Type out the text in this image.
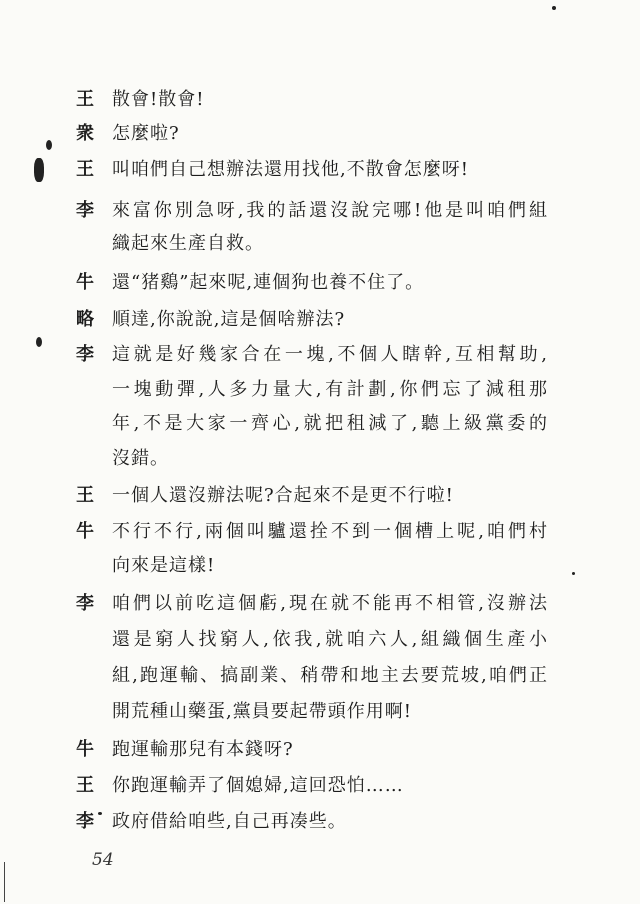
王 散會!散會!
衆 怎麼啦?
王 叫咱們自己想辦法還用找他,不散會怎麼呀!
李 來富你別急呀,我的話還沒說完哪!他是叫咱們組
織起來生產自救。
牛 還“猪鷄”起來呢,連個狗也養不住了。
略 順達,你說說,這是個啥辦法?
李 這就是好幾家合在一塊,不個人瞎幹,互相幫助,
一塊動彈,人多力量大,有計劃,你們忘了減租那
年,不是大家一齊心,就把租減了,聽上級黨委的
沒錯。
王 一個人還沒辦法呢?合起來不是更不行啦!
牛 不行不行,兩個叫驢還拴不到一個槽上呢,咱們村
向來是這樣!
李 咱們以前吃這個虧,現在就不能再不相管,沒辦法
還是窮人找窮人,依我,就咱六人,組織個生產小
組,跑運輸、搞副業、稍帶和地主去要荒坡,咱們正
開荒種山藥蛋,黨員要起帶頭作用啊!
牛 跑運輸那兒有本錢呀?
王 你跑運輸弄了個媳婦,這回恐怕……
李 政府借給咱些,自己再凑些。
54
